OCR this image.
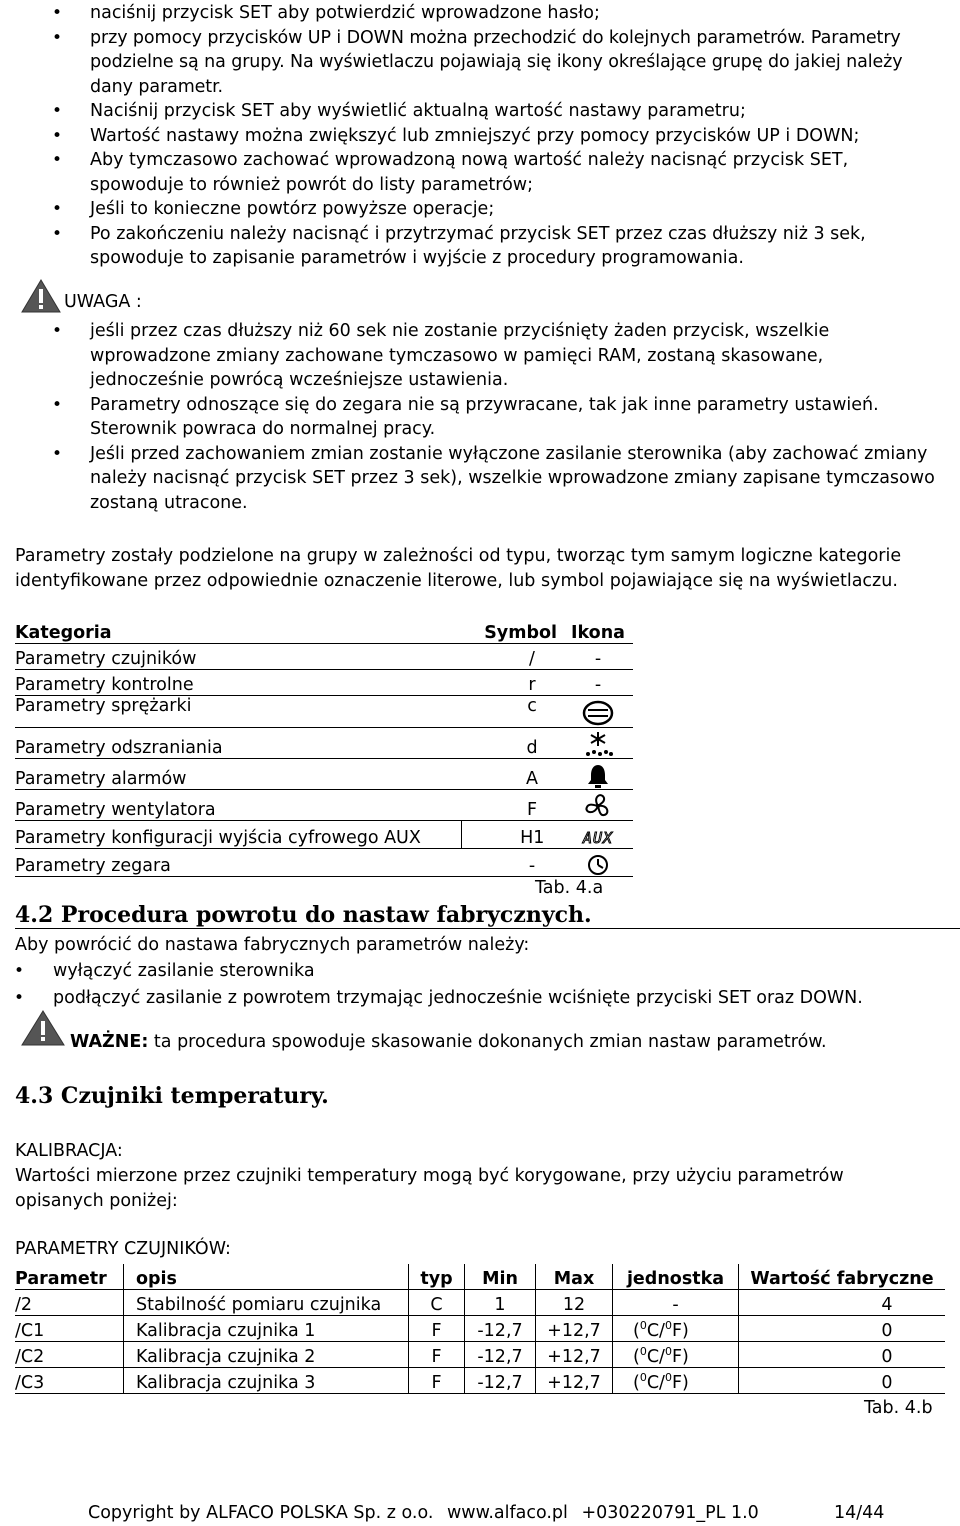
• naciśnij przycisk SET aby potwierdzić wprowadzone hasło;
• przy pomocy przycisków UP i DOWN można przechodzić do kolejnych parametrów. Parametry podzielne są na grupy. Na wyświetlaczu pojawiają się ikony określające grupę do jakiej należy dany parametr.
• Naciśnij przycisk SET aby wyświetlić aktualną wartość nastawy parametru;
• Wartość nastawy można zwiększyć lub zmniejszyć przy pomocy przycisków UP i DOWN;
• Aby tymczasowo zachować wprowadzoną nową wartość należy nacisnąć przycisk SET, spowoduje to również powrót do listy parametrów;
• Jeśli to konieczne powtórz powyższe operacje;
• Po zakończeniu należy nacisnąć i przytrzymać przycisk SET przez czas dłuższy niż 3 sek, spowoduje to zapisanie parametrów i wyjście z procedury programowania.
UWAGA :
• jeśli przez czas dłuższy niż 60 sek nie zostanie przyciśnięty żaden przycisk, wszelkie wprowadzone zmiany zachowane tymczasowo w pamięci RAM, zostaną skasowane, jednocześnie powrócą wcześniejsze ustawienia.
• Parametry odnoszące się do zegara nie są przywracane, tak jak inne parametry ustawień. Sterownik powraca do normalnej pracy.
• Jeśli przed zachowaniem zmian zostanie wyłączone zasilanie sterownika (aby zachować zmiany należy nacisnąć przycisk SET przez 3 sek), wszelkie wprowadzone zmiany zapisane tymczasowo zostaną utracone.

Parametry zostały podzielone na grupy w zależności od typu, tworząc tym samym logiczne kategorie identyfikowane przez odpowiednie oznaczenie literowe, lub symbol pojawiające się na wyświetlaczu.

Kategoria	Symbol	Ikona
Parametry czujników	/	-
Parametry kontrolne	r	-
Parametry sprężarki	c	
Parametry odszraniania	d	
Parametry alarmów	A	
Parametry wentylatora	F	
Parametry konfiguracji wyjścia cyfrowego AUX	H1	AUX
Parametry zegara	-	
Tab. 4.a
4.2 Procedura powrotu do nastaw fabrycznych.
Aby powrócić do nastawa fabrycznych parametrów należy:
• wyłączyć zasilanie sterownika
• podłączyć zasilanie z powrotem trzymając jednocześnie wciśnięte przyciski SET oraz DOWN.
WAŻNE: ta procedura spowoduje skasowanie dokonanych zmian nastaw parametrów.
4.3 Czujniki temperatury.
KALIBRACJA:

Wartości mierzone przez czujniki temperatury mogą być korygowane, przy użyciu parametrów opisanych poniżej:

PARAMETRY CZUJNIKÓW:
Parametr	opis	typ	Min	Max	jednostka	Wartość fabryczne
/2	Stabilność pomiaru czujnika	C	1	12	-	4
/C1	Kalibracja czujnika 1	F	-12,7	+12,7	($^0$C/$^0$F)	0
/C2	Kalibracja czujnika 2	F	-12,7	+12,7	($^0$C/$^0$F)	0
/C3	Kalibracja czujnika 3	F	-12,7	+12,7	($^0$C/$^0$F)	0
Tab. 4.b
Copyright by ALFACO POLSKA Sp. z o.o. www.alfaco.pl +030220791_PL 1.0	14/44
